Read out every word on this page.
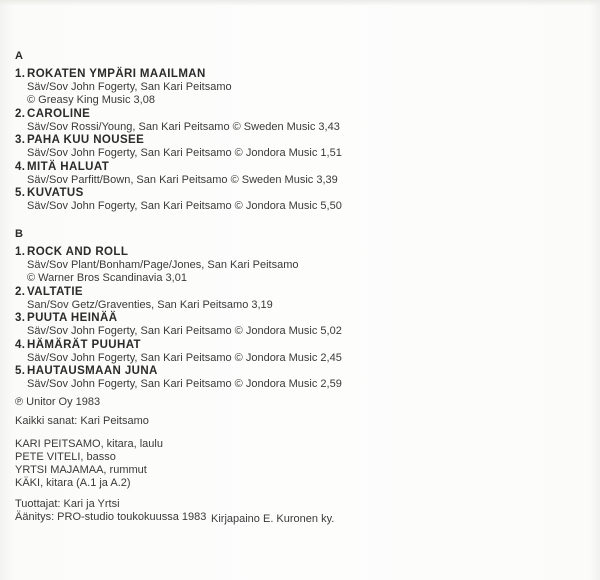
A
1. ROKATEN YMPÄRI MAAILMAN
Säv/Sov John Fogerty, San Kari Peitsamo
© Greasy King Music 3,08
2. CAROLINE
Säv/Sov Rossi/Young, San Kari Peitsamo © Sweden Music 3,43
3. PAHA KUU NOUSEE
Säv/Sov John Fogerty, San Kari Peitsamo © Jondora Music 1,51
4. MITÄ HALUAT
Säv/Sov Parfitt/Bown, San Kari Peitsamo © Sweden Music 3,39
5. KUVATUS
Säv/Sov John Fogerty, San Kari Peitsamo © Jondora Music 5,50
B
1. ROCK AND ROLL
Säv/Sov Plant/Bonham/Page/Jones, San Kari Peitsamo
© Warner Bros Scandinavia 3,01
2. VALTATIE
San/Sov Getz/Graventies, San Kari Peitsamo 3,19
3. PUUTA HEINÄÄ
Säv/Sov John Fogerty, San Kari Peitsamo © Jondora Music 5,02
4. HÄMÄRÄT PUUHAT
Säv/Sov John Fogerty, San Kari Peitsamo © Jondora Music 2,45
5. HAUTAUSMAAN JUNA
Säv/Sov John Fogerty, San Kari Peitsamo © Jondora Music 2,59
℗ Unitor Oy 1983
Kaikki sanat: Kari Peitsamo
KARI PEITSAMO, kitara, laulu
PETE VITELI, basso
YRTSI MAJAMAA, rummut
KÄKI, kitara (A.1 ja A.2)
Tuottajat: Kari ja Yrtsi
Äänitys: PRO-studio toukokuussa 1983 Kirjapaino E. Kuronen ky.
